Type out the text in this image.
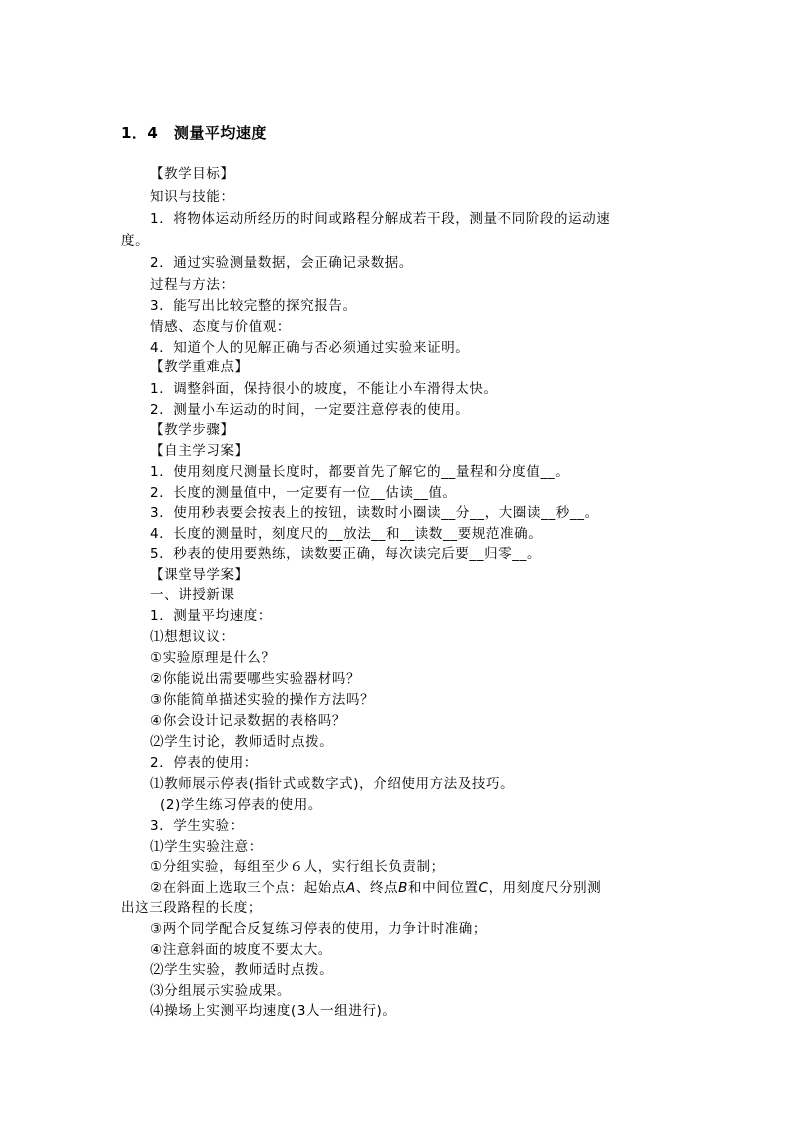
1．4　测量平均速度
【教学目标】
知识与技能：
1．将物体运动所经历的时间或路程分解成若干段，测量不同阶段的运动速
度。
2．通过实验测量数据，会正确记录数据。
过程与方法：
3．能写出比较完整的探究报告。
情感、态度与价值观：
4．知道个人的见解正确与否必须通过实验来证明。
【教学重难点】
1．调整斜面，保持很小的坡度，不能让小车滑得太快。
2．测量小车运动的时间，一定要注意停表的使用。
【教学步骤】
【自主学习案】
1．使用刻度尺测量长度时，都要首先了解它的__量程和分度值__。
2．长度的测量值中，一定要有一位__估读__值。
3．使用秒表要会按表上的按钮，读数时小圈读__分__，大圈读__秒__。
4．长度的测量时，刻度尺的__放法__和__读数__要规范准确。
5．秒表的使用要熟练，读数要正确，每次读完后要__归零__。
【课堂导学案】
一、讲授新课
1．测量平均速度：
⑴想想议议：
①实验原理是什么？
②你能说出需要哪些实验器材吗？
③你能简单描述实验的操作方法吗？
④你会设计记录数据的表格吗？
⑵学生讨论，教师适时点拨。
2．停表的使用：
⑴教师展示停表(指针式或数字式)，介绍使用方法及技巧。
(2)学生练习停表的使用。
3．学生实验：
⑴学生实验注意：
①分组实验，每组至少６人，实行组长负责制；
②在斜面上选取三个点：起始点A、终点B和中间位置C，用刻度尺分别测
出这三段路程的长度；
③两个同学配合反复练习停表的使用，力争计时准确；
④注意斜面的坡度不要太大。
⑵学生实验，教师适时点拨。
⑶分组展示实验成果。
⑷操场上实测平均速度(3人一组进行)。
